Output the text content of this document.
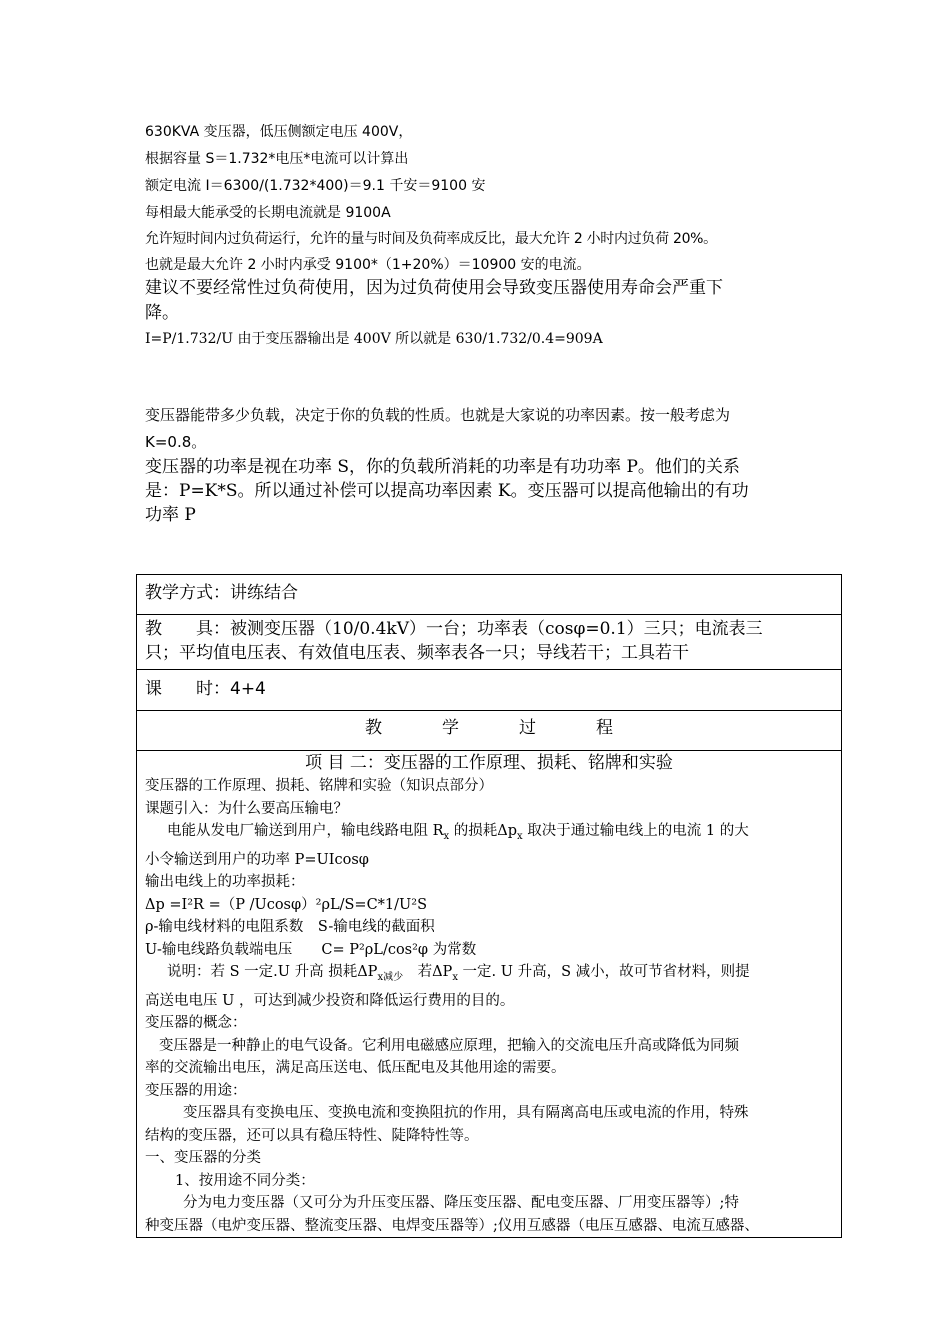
630KVA 变压器，低压侧额定电压 400V，
根据容量 S＝1.732*电压*电流可以计算出
额定电流 I＝6300/(1.732*400)＝9.1 千安＝9100 安
每相最大能承受的长期电流就是 9100A
允许短时间内过负荷运行，允许的量与时间及负荷率成反比，最大允许 2 小时内过负荷 20%。
也就是最大允许 2 小时内承受 9100*（1+20%）＝10900 安的电流。
建议不要经常性过负荷使用，因为过负荷使用会导致变压器使用寿命会严重下
降。
I=P/1.732/U 由于变压器输出是 400V 所以就是 630/1.732/0.4=909A
变压器能带多少负载，决定于你的负载的性质。也就是大家说的功率因素。按一般考虑为
K=0.8。
变压器的功率是视在功率 S，你的负载所消耗的功率是有功功率 P。他们的关系
是：P=K*S。所以通过补偿可以提高功率因素 K。变压器可以提高他输出的有功
功率 P
教学方式：讲练结合

教　　具：被测变压器（10/0.4kV）一台；功率表（cosφ=0.1）三只；电流表三
只；平均值电压表、有效值电压表、频率表各一只；导线若干；工具若干

课　　时：4+4
教学过程

项 目 二：变压器的工作原理、损耗、铭牌和实验
变压器的工作原理、损耗、铭牌和实验（知识点部分）
课题引入：为什么要高压输电？
电能从发电厂输送到用户，输电线路电阻 $R_x$ 的损耗$\Delta p_x$ 取决于通过输电线上的电流 1 的大
小令输送到用户的功率 P=UIcosφ
输出电线上的功率损耗：
Δp =I²R =（P /Ucosφ）²ρL/S=C*1/U²S
ρ-输电线材料的电阻系数　S-输电线的截面积
U-输电线路负载端电压　　C= P²ρL/cos²φ 为常数
说明：若 S 一定.U 升高 损耗$\Delta P_{x减少}$　若$\Delta P_x$ 一定. U 升高，S 减小，故可节省材料，则提
高送电电压 U ，可达到减少投资和降低运行费用的目的。
变压器的概念：
变压器是一种静止的电气设备。它利用电磁感应原理，把输入的交流电压升高或降低为同频
率的交流输出电压，满足高压送电、低压配电及其他用途的需要。
变压器的用途：
变压器具有变换电压、变换电流和变换阻抗的作用，具有隔离高电压或电流的作用，特殊
结构的变压器，还可以具有稳压特性、陡降特性等。
一、变压器的分类
1、按用途不同分类：
分为电力变压器（又可分为升压变压器、降压变压器、配电变压器、厂用变压器等）;特
种变压器（电炉变压器、整流变压器、电焊变压器等）;仪用互感器（电压互感器、电流互感器、
